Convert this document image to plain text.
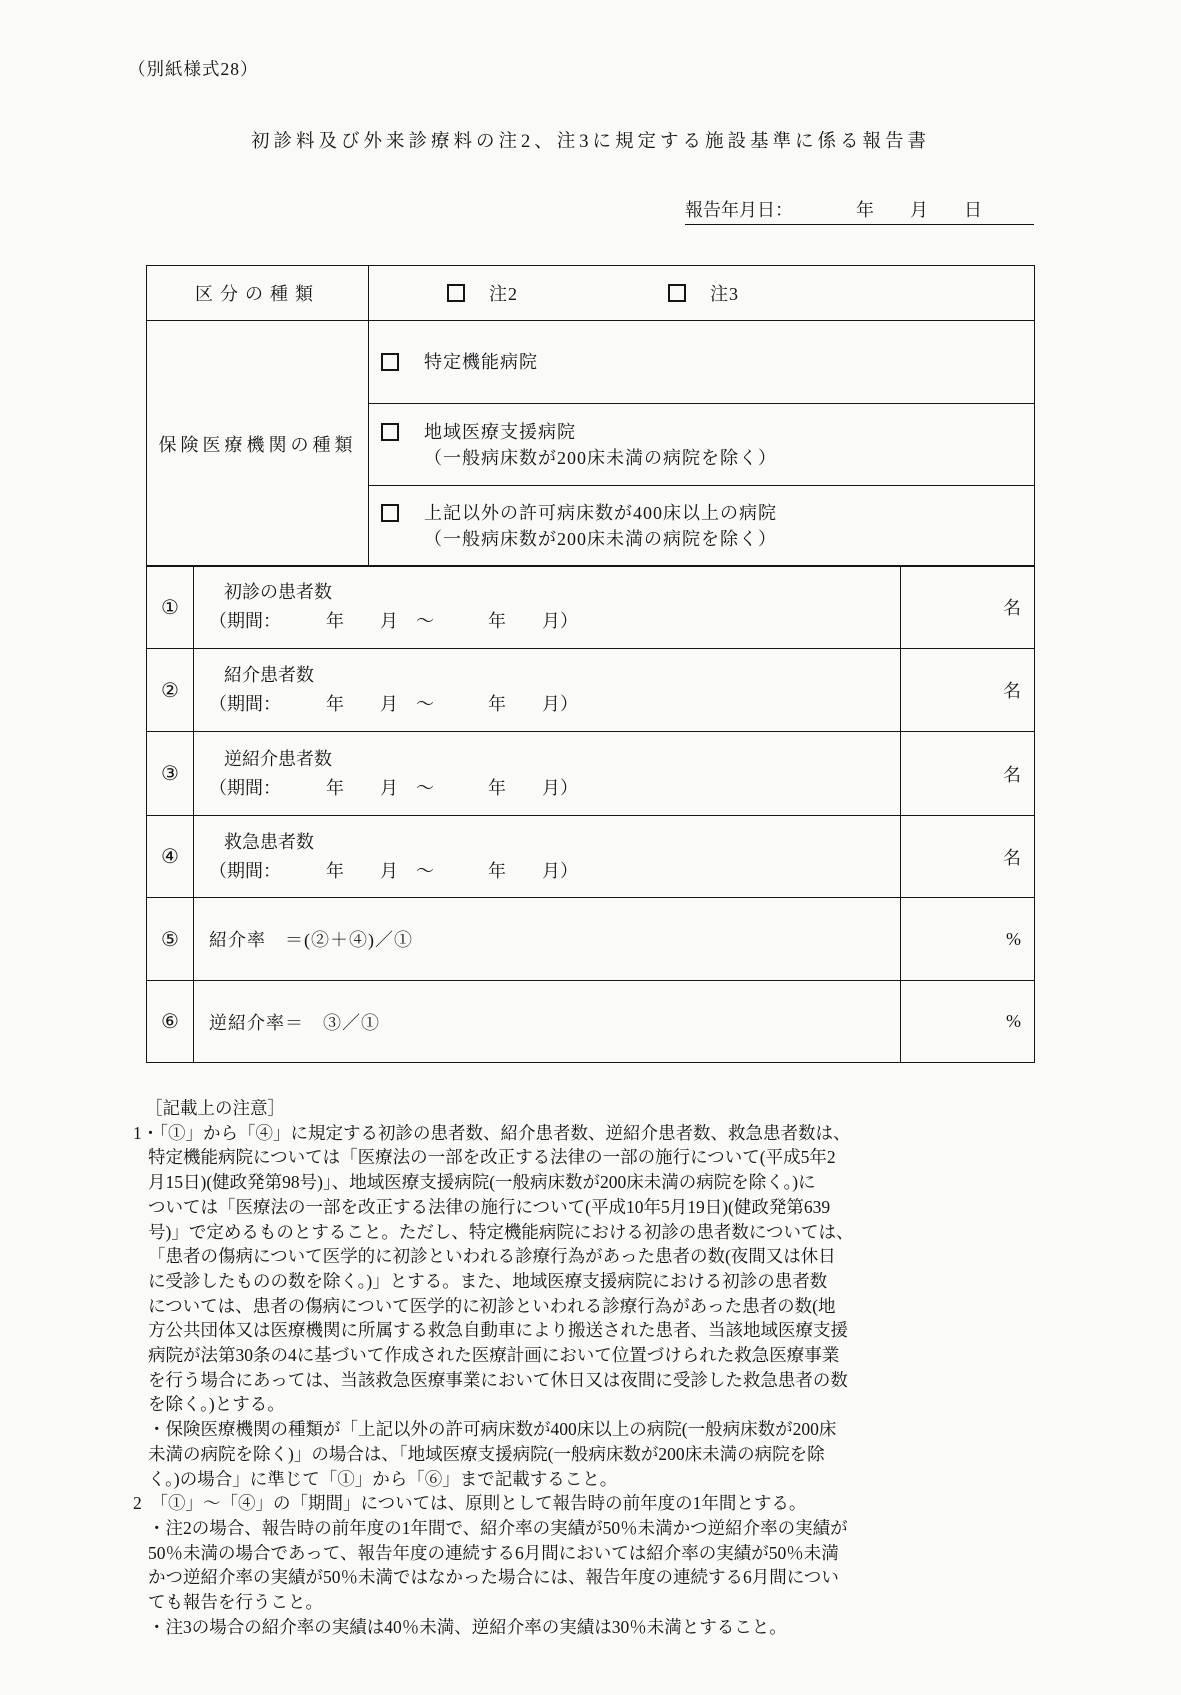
（別紙様式28）
初診料及び外来診療料の注2、注3に規定する施設基準に係る報告書
報告年月日：　　　　年　　月　　日
区分の種類	注2 注3

保険医療機関の種類	特定機能病院

	地域医療支援病院
（一般病床数が200床未満の病院を除く）

	上記以外の許可病床数が400床以上の病院
（一般病床数が200床未満の病院を除く）
①	初診の患者数
（期間：　　　年　　月　～　　　年　　月）	名
②	紹介患者数
（期間：　　　年　　月　～　　　年　　月）	名
③	逆紹介患者数
（期間：　　　年　　月　～　　　年　　月）	名
④	救急患者数
（期間：　　　年　　月　～　　　年　　月）	名
⑤	紹介率　＝(②＋④)／①	%
⑥	逆紹介率＝　③／①	%
［記載上の注意］
1・「①」から「④」に規定する初診の患者数、紹介患者数、逆紹介患者数、救急患者数は、
特定機能病院については「医療法の一部を改正する法律の一部の施行について(平成5年2
月15日)(健政発第98号)」、地域医療支援病院(一般病床数が200床未満の病院を除く。)に
ついては「医療法の一部を改正する法律の施行について(平成10年5月19日)(健政発第639
号)」で定めるものとすること。ただし、特定機能病院における初診の患者数については、
「患者の傷病について医学的に初診といわれる診療行為があった患者の数(夜間又は休日
に受診したものの数を除く。)」とする。また、地域医療支援病院における初診の患者数
については、患者の傷病について医学的に初診といわれる診療行為があった患者の数(地
方公共団体又は医療機関に所属する救急自動車により搬送された患者、当該地域医療支援
病院が法第30条の4に基づいて作成された医療計画において位置づけられた救急医療事業
を行う場合にあっては、当該救急医療事業において休日又は夜間に受診した救急患者の数
を除く。)とする。
・保険医療機関の種類が「上記以外の許可病床数が400床以上の病院(一般病床数が200床
未満の病院を除く)」の場合は、「地域医療支援病院(一般病床数が200床未満の病院を除
く。)の場合」に準じて「①」から「⑥」まで記載すること。
2　「①」～「④」の「期間」については、原則として報告時の前年度の1年間とする。
・注2の場合、報告時の前年度の1年間で、紹介率の実績が50％未満かつ逆紹介率の実績が
50％未満の場合であって、報告年度の連続する6月間においては紹介率の実績が50％未満
かつ逆紹介率の実績が50％未満ではなかった場合には、報告年度の連続する6月間につい
ても報告を行うこと。
・注3の場合の紹介率の実績は40％未満、逆紹介率の実績は30％未満とすること。
